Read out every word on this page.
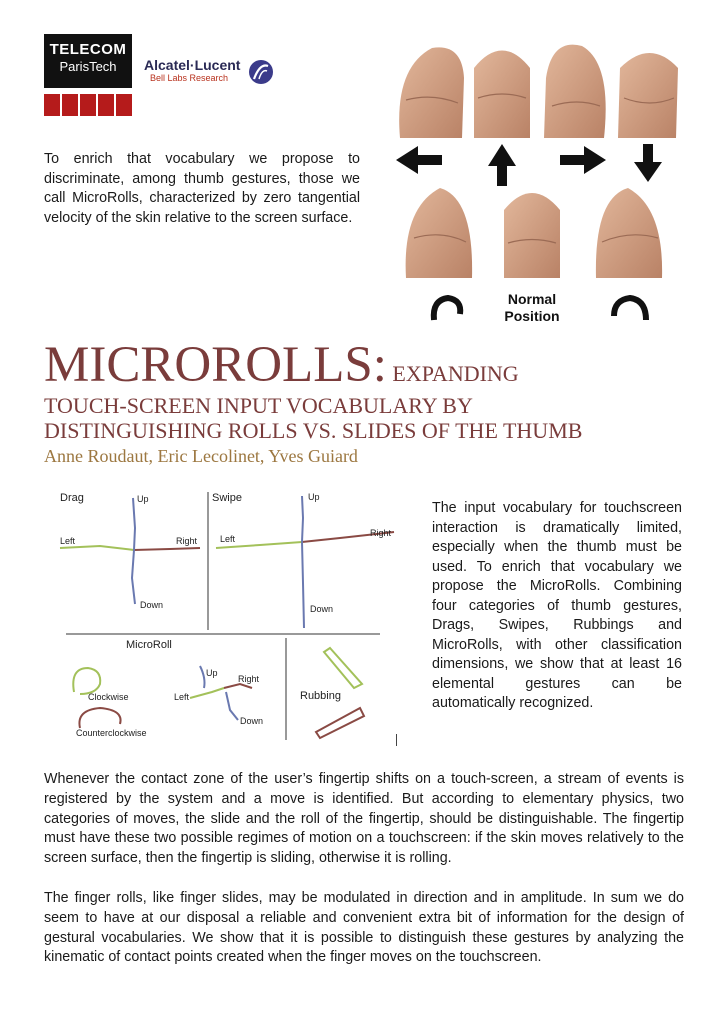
TELECOM
ParisTech	Alcatel·Lucent
Bell Labs Research
To enrich that vocabulary we propose to discriminate, among thumb gestures, those we call MicroRolls, characterized by zero tangential velocity of the skin relative to the screen surface.
Normal
Position
MICROROLLS: EXPANDING
TOUCH-SCREEN INPUT VOCABULARY BY
DISTINGUISHING ROLLS VS. SLIDES OF THE THUMB
Anne Roudaut, Eric Lecolinet, Yves Guiard
Drag	Swipe
MicroRoll
Rubbing
Up
Left	Right
Down
Up
Left
Right
Down
Clockwise
Counterclockwise
Up
Left
Right
Down
The input vocabulary for touchscreen interaction is dramatically limited, especially when the thumb must be used. To enrich that vocabulary we propose the MicroRolls. Combining four categories of thumb gestures, Drags, Swipes, Rubbings and MicroRolls, with other classification dimensions, we show that at least 16 elemental gestures can be automatically recognized.
Whenever the contact zone of the user’s fingertip shifts on a touch-screen, a stream of events is registered by the system and a move is identified. But according to elementary physics, two categories of moves, the slide and the roll of the fingertip, should be distinguishable. The fingertip must have these two possible regimes of motion on a touchscreen: if the skin moves relatively to the screen surface, then the fingertip is sliding, otherwise it is rolling.
The finger rolls, like finger slides, may be modulated in direction and in amplitude. In sum we do seem to have at our disposal a reliable and convenient extra bit of information for the design of gestural vocabularies. We show that it is possible to distinguish these gestures by analyzing the kinematic of contact points created when the finger moves on the touchscreen.
